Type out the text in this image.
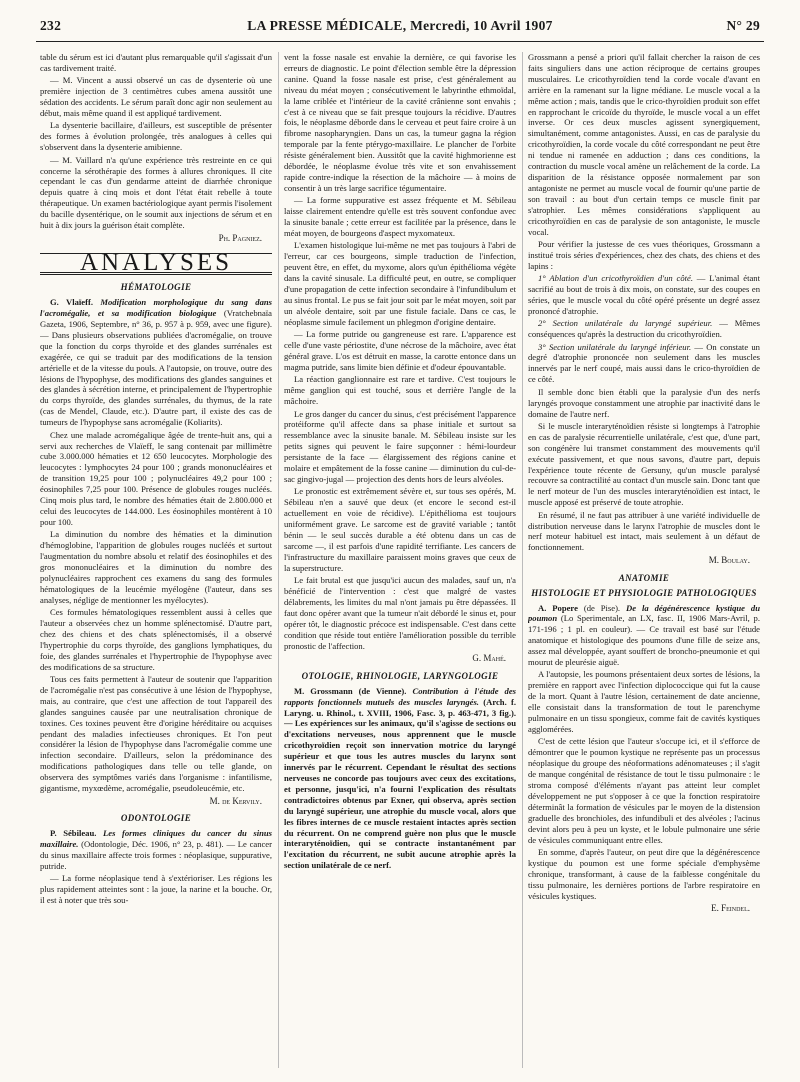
232	LA PRESSE MÉDICALE, Mercredi, 10 Avril 1907	N° 29

table du sérum est ici d'autant plus remarquable qu'il s'agissait d'un cas tardivement traité.

— M. Vincent a aussi observé un cas de dysenterie où une première injection de 3 centimètres cubes amena aussitôt une sédation des accidents. Le sérum paraît donc agir non seulement au début, mais même quand il est appliqué tardivement.

La dysenterie bacillaire, d'ailleurs, est susceptible de présenter des formes à évolution prolongée, très analogues à celles qui s'observent dans la dysenterie amibienne.

— M. Vaillard n'a qu'une expérience très restreinte en ce qui concerne la sérothérapie des formes à allures chroniques. Il cite cependant le cas d'un gendarme atteint de diarrhée chronique depuis quatre à cinq mois et dont l'état était rebelle à toute thérapeutique. Un examen bactériologique ayant permis l'isolement du bacille dysentérique, on le soumit aux injections de sérum et en huit à dix jours la guérison était complète.

Ph. Pagniez.
ANALYSES
HÉMATOLOGIE

G. Vlaïeff. Modification morphologique du sang dans l'acromégalie, et sa modification biologique (Vratchebnaïa Gazeta, 1906, Septembre, n° 36, p. 957 à p. 959, avec une figure). — Dans plusieurs observations publiées d'acromégalie, on trouve que la fonction du corps thyroïde et des glandes surrénales est exagérée, ce qui se traduit par des modifications de la tension artérielle et de la vitesse du pouls. A l'autopsie, on trouve, outre des lésions de l'hypophyse, des modifications des glandes sanguines et des glandes à sécrétion interne, et principalement de l'hypertrophie du corps thyroïde, des glandes surrénales, du thymus, de la rate (cas de Mendel, Claude, etc.). D'autre part, il existe des cas de tumeurs de l'hypophyse sans acromégalie (Koliarits).

Chez une malade acromégalique âgée de trente-huit ans, qui a servi aux recherches de Vlaïeff, le sang contenait par millimètre cube 3.000.000 hématies et 12 650 leucocytes. Morphologie des leucocytes : lymphocytes 24 pour 100 ; grands mononucléaires et de transition 19,25 pour 100 ; polynucléaires 49,2 pour 100 ; éosinophiles 7,25 pour 100. Présence de globules rouges nucléés. Cinq mois plus tard, le nombre des hématies était de 2.800.000 et celui des leucocytes de 144.000. Les éosinophiles montèrent à 10 pour 100.

La diminution du nombre des hématies et la diminution d'hémoglobine, l'apparition de globules rouges nucléés et surtout l'augmentation du nombre absolu et relatif des éosinophiles et des gros mononucléaires et la diminution du nombre des polynucléaires rapprochent ces examens du sang des formules hématologiques de la leucémie myélogène (l'auteur, dans ses analyses, néglige de mentionner les myélocytes).

Ces formules hématologiques ressemblent aussi à celles que l'auteur a observées chez un homme splénectomisé. D'autre part, chez des chiens et des chats splénectomisés, il a observé l'hypertrophie du corps thyroïde, des ganglions lymphatiques, du foie, des glandes surrénales et l'hypertrophie de l'hypophyse avec des modifications de sa structure.

Tous ces faits permettent à l'auteur de soutenir que l'apparition de l'acromégalie n'est pas consécutive à une lésion de l'hypophyse, mais, au contraire, que c'est une affection de tout l'appareil des glandes sanguines causée par une neutralisation chronique de toxines. Ces toxines peuvent être d'origine héréditaire ou acquises pendant des maladies infectieuses chroniques. Et l'on peut considérer la lésion de l'hypophyse dans l'acromégalie comme une infection secondaire. D'ailleurs, selon la prédominance des modifications pathologiques dans telle ou telle glande, on observera des symptômes variés dans l'organisme : infantilisme, gigantisme, myxœdème, acromégalie, pseudoleucémie, etc.

M. de Kervily.
ODONTOLOGIE

P. Sébileau. Les formes cliniques du cancer du sinus maxillaire. (Odontologie, Déc. 1906, n° 23, p. 481). — Le cancer du sinus maxillaire affecte trois formes : néoplasique, suppurative, putride.

— La forme néoplasique tend à s'extérioriser. Les régions les plus rapidement atteintes sont : la joue, la narine et la bouche. Or, il est à noter que très sou-

vent la fosse nasale est envahie la dernière, ce qui favorise les erreurs de diagnostic. Le point d'élection semble être la dépression canine. Quand la fosse nasale est prise, c'est généralement au niveau du méat moyen ; consécutivement le labyrinthe ethmoïdal, la lame criblée et l'intérieur de la cavité crânienne sont envahis ; c'est à ce niveau que se fait presque toujours la récidive. D'autres fois, le néoplasme déborde dans le cerveau et peut faire croire à un fibrome nasopharyngien. Dans un cas, la tumeur gagna la région temporale par la fente ptérygo-maxillaire. Le plancher de l'orbite résiste généralement bien. Aussitôt que la cavité highmorienne est débordée, le néoplasme évolue très vite et son envahissement rapide contre-indique la résection de la mâchoire — à moins de consentir à un très large sacrifice tégumentaire.

— La forme suppurative est assez fréquente et M. Sébileau laisse clairement entendre qu'elle est très souvent confondue avec la sinusite banale ; cette erreur est facilitée par la présence, dans le méat moyen, de bourgeons d'aspect myxomateux.

L'examen histologique lui-même ne met pas toujours à l'abri de l'erreur, car ces bourgeons, simple traduction de l'infection, peuvent être, en effet, du myxome, alors qu'un épithélioma végète dans la cavité sinusale. La difficulté peut, en outre, se compliquer d'une propagation de cette infection secondaire à l'infundibulum et au sinus frontal. Le pus se fait jour soit par le méat moyen, soit par un alvéole dentaire, soit par une fistule faciale. Dans ce cas, le néoplasme simule facilement un phlegmon d'origine dentaire.

— La forme putride ou gangreneuse est rare. L'apparence est celle d'une vaste périostite, d'une nécrose de la mâchoire, avec état général grave. L'os est détruit en masse, la carotte entonce dans un magma putride, sans limite bien définie et d'odeur épouvantable.

La réaction ganglionnaire est rare et tardive. C'est toujours le même ganglion qui est touché, sous et derrière l'angle de la mâchoire.

Le gros danger du cancer du sinus, c'est précisément l'apparence protéiforme qu'il affecte dans sa phase initiale et surtout sa ressemblance avec la sinusite banale. M. Sébileau insiste sur les petits signes qui peuvent le faire supçonner : hémi-lourdeur persistante de la face — élargissement des régions canine et molaire et empâtement de la fosse canine — diminution du cul-de-sac gingivo-jugal — projection des dents hors de leurs alvéoles.

Le pronostic est extrêmement sévère et, sur tous ses opérés, M. Sébileau n'en a sauvé que deux (et encore le second est-il actuellement en voie de récidive). L'épithélioma est toujours uniformément grave. Le sarcome est de gravité variable ; tantôt bénin — le seul succès durable a été obtenu dans un cas de sarcome —, il est parfois d'une rapidité terrifiante. Les cancers de l'infrastructure du maxillaire paraissent moins graves que ceux de la superstructure.

Le fait brutal est que jusqu'ici aucun des malades, sauf un, n'a bénéficié de l'intervention : c'est que malgré de vastes délabrements, les limites du mal n'ont jamais pu être dépassées. Il faut donc opérer avant que la tumeur n'ait débordé le sinus et, pour opérer tôt, le diagnostic précoce est indispensable. C'est dans cette condition que réside tout entière l'amélioration possible du terrible pronostic de l'affection.

G. Mahé.
OTOLOGIE, RHINOLOGIE, LARYNGOLOGIE

M. Grossmann (de Vienne). Contribution à l'étude des rapports fonctionnels mutuels des muscles laryngés. (Arch. f. Laryng. u. Rhinol., t. XVIII, 1906, Fasc. 3, p. 463-471, 3 fig.). — Les expériences sur les animaux, qu'il s'agisse de sections ou d'excitations nerveuses, nous apprennent que le muscle cricothyroïdien reçoit son innervation motrice du laryngé supérieur et que tous les autres muscles du larynx sont innervés par le récurrent. Cependant le résultat des sections nerveuses ne concorde pas toujours avec ceux des excitations, et personne, jusqu'ici, n'a fourni l'explication des résultats contradictoires obtenus par Exner, qui observa, après section du laryngé supérieur, une atrophie du muscle vocal, alors que les fibres internes de ce muscle restaient intactes après section du récurrent. On ne comprend guère non plus que le muscle interaryténoïdien, qui se contracte instantanément par l'excitation du récurrent, ne subit aucune atrophie après la section unilatérale de ce nerf.

Grossmann a pensé a priori qu'il fallait chercher la raison de ces faits singuliers dans une action réciproque de certains groupes musculaires. Le cricothyroïdien tend la corde vocale d'avant en arrière en la ramenant sur la ligne médiane. Le muscle vocal a la même action ; mais, tandis que le crico-thyroïdien produit son effet en rapprochant le cricoïde du thyroïde, le muscle vocal a un effet inverse. Or ces deux muscles agissent synergiquement, simultanément, comme antagonistes. Aussi, en cas de paralysie du cricothyroïdien, la corde vocale du côté correspondant ne peut être ni tendue ni ramenée en adduction ; dans ces conditions, la contraction du muscle vocal amène un relâchement de la corde. La disparition de la résistance opposée normalement par son antagoniste ne permet au muscle vocal de fournir qu'une partie de son travail : au bout d'un certain temps ce muscle finit par s'atrophier. Les mêmes considérations s'appliquent au cricothyroïdien en cas de paralysie de son antagoniste, le muscle vocal.

Pour vérifier la justesse de ces vues théoriques, Grossmann a institué trois séries d'expériences, chez des chats, des chiens et des lapins :

1° Ablation d'un cricothyroïdien d'un côté. — L'animal étant sacrifié au bout de trois à dix mois, on constate, sur des coupes en séries, que le muscle vocal du côté opéré présente un degré assez prononcé d'atrophie.

2° Section unilatérale du laryngé supérieur. — Mêmes conséquences qu'après la destruction du cricothyroïdien.

3° Section unilatérale du laryngé inférieur. — On constate un degré d'atrophie prononcée non seulement dans les muscles innervés par le nerf coupé, mais aussi dans le crico-thyroïdien de ce côté.

Il semble donc bien établi que la paralysie d'un des nerfs laryngés provoque constamment une atrophie par inactivité dans le domaine de l'autre nerf.

Si le muscle interaryténoïdien résiste si longtemps à l'atrophie en cas de paralysie récurrentielle unilatérale, c'est que, d'une part, son congénère lui transmet constamment des mouvements qu'il exécute passivement, et que nous savons, d'autre part, depuis l'expérience toute récente de Gersuny, qu'un muscle paralysé recouvre sa contractilité au contact d'un muscle sain. Donc tant que le nerf moteur de l'un des muscles interaryténoïdien est intact, le muscle apposé est préservé de toute atrophie.

En résumé, il ne faut pas attribuer à une variété individuelle de distribution nerveuse dans le larynx l'atrophie de muscles dont le nerf moteur habituel est intact, mais seulement à un défaut de fonctionnement.

M. Boulay.
ANATOMIE
HISTOLOGIE ET PHYSIOLOGIE PATHOLOGIQUES

A. Popere (de Pise). De la dégénérescence kystique du poumon (Lo Sperimentale, an LX, fasc. II, 1906 Mars-Avril, p. 171-196 ; 1 pl. en couleur). — Ce travail est basé sur l'étude anatomique et histologique des poumons d'une fille de seize ans, assez mal développée, ayant souffert de broncho-pneumonie et qui mourut de pleurésie aiguë.

A l'autopsie, les poumons présentaient deux sortes de lésions, la première en rapport avec l'infection diplococcique qui fut la cause de la mort. Quant à l'autre lésion, certainement de date ancienne, elle consistait dans la transformation de tout le parenchyme pulmonaire en un tissu spongieux, comme fait de cavités kystiques agglomérées.

C'est de cette lésion que l'auteur s'occupe ici, et il s'efforce de démontrer que le poumon kystique ne représente pas un processus néoplasique du groupe des néoformations adénomateuses ; il s'agit de manque congénital de résistance de tout le tissu pulmonaire : le stroma composé d'éléments n'ayant pas atteint leur complet développement ne put s'opposer à ce que la fonction respiratoire déterminât la formation de vésicules par le moyen de la distension graduelle des bronchioles, des infundibuli et des alvéoles ; l'acinus devint alors peu à peu un kyste, et le lobule pulmonaire une série de vésicules communiquant entre elles.

En somme, d'après l'auteur, on peut dire que la dégénérescence kystique du poumon est une forme spéciale d'emphysème chronique, transformant, à cause de la faiblesse congénitale du tissu pulmonaire, les dernières portions de l'arbre respiratoire en vésicules kystiques.

E. Feindel.
